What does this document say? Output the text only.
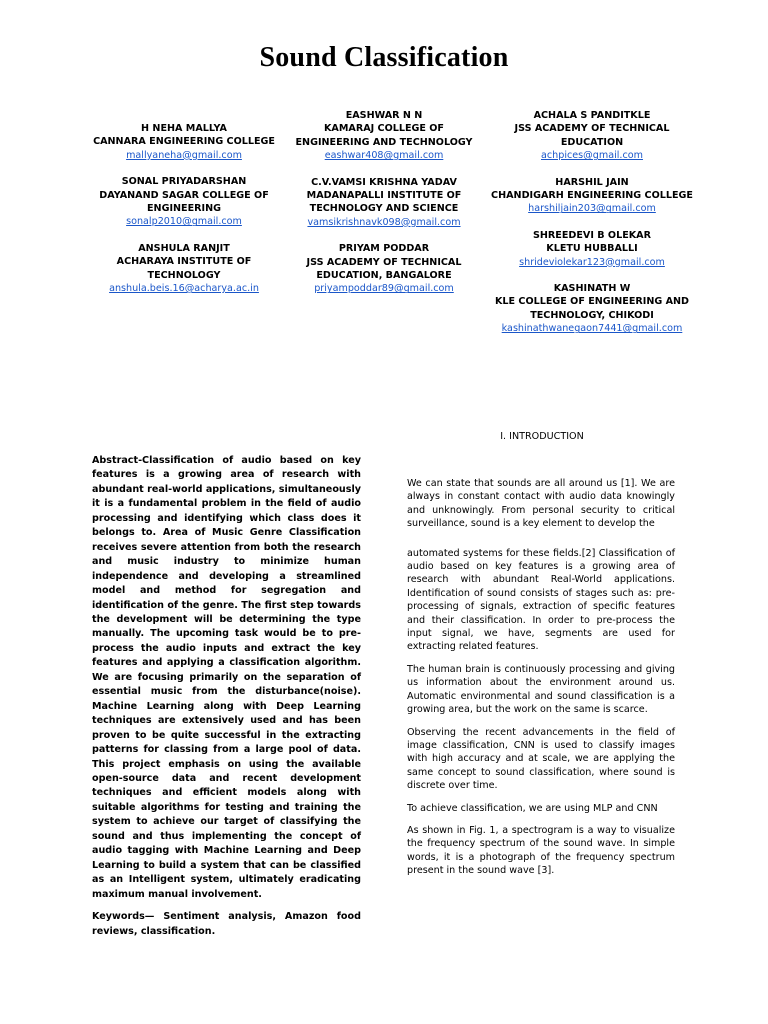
Sound Classification
H NEHA MALLYA
CANNARA ENGINEERING COLLEGE
mallyaneha@gmail.com
SONAL PRIYADARSHAN
DAYANAND SAGAR COLLEGE OF ENGINEERING
sonalp2010@gmail.com
ANSHULA RANJIT
ACHARAYA INSTITUTE OF TECHNOLOGY
anshula.beis.16@acharya.ac.in
EASHWAR N N
KAMARAJ COLLEGE OF ENGINEERING AND TECHNOLOGY
eashwar408@gmail.com
C.V.VAMSI KRISHNA YADAV
MADANAPALLI INSTITUTE OF TECHNOLOGY AND SCIENCE
vamsikrishnavk098@gmail.com
PRIYAM PODDAR
JSS ACADEMY OF TECHNICAL EDUCATION, BANGALORE
priyampoddar89@gmail.com
ACHALA S PANDITKLE
JSS ACADEMY OF TECHNICAL EDUCATION
achpices@gmail.com
HARSHIL JAIN
CHANDIGARH ENGINEERING COLLEGE
harshiljain203@gmail.com
SHREEDEVI B OLEKAR
KLETU HUBBALLI
shrideviolekar123@gmail.com
KASHINATH W
KLE COLLEGE OF ENGINEERING AND TECHNOLOGY, CHIKODI
kashinathwanegaon7441@gmail.com
I. INTRODUCTION

Abstract-Classification of audio based on key features is a growing area of research with abundant real-world applications, simultaneously it is a fundamental problem in the field of audio processing and identifying which class does it belongs to. Area of Music Genre Classification receives severe attention from both the research and music industry to minimize human independence and developing a streamlined model and method for segregation and identification of the genre. The first step towards the development will be determining the type manually. The upcoming task would be to pre-process the audio inputs and extract the key features and applying a classification algorithm. We are focusing primarily on the separation of essential music from the disturbance(noise). Machine Learning along with Deep Learning techniques are extensively used and has been proven to be quite successful in the extracting patterns for classing from a large pool of data. This project emphasis on using the available open-source data and recent development techniques and efficient models along with suitable algorithms for testing and training the system to achieve our target of classifying the sound and thus implementing the concept of audio tagging with Machine Learning and Deep Learning to build a system that can be classified as an Intelligent system, ultimately eradicating maximum manual involvement.

Keywords— Sentiment analysis, Amazon food reviews, classification.

We can state that sounds are all around us [1]. We are always in constant contact with audio data knowingly and unknowingly. From personal security to critical surveillance, sound is a key element to develop the

automated systems for these fields.[2] Classification of audio based on key features is a growing area of research with abundant Real-World applications. Identification of sound consists of stages such as: pre-processing of signals, extraction of specific features and their classification. In order to pre-process the input signal, we have, segments are used for extracting related features.

The human brain is continuously processing and giving us information about the environment around us. Automatic environmental and sound classification is a growing area, but the work on the same is scarce.

Observing the recent advancements in the field of image classification, CNN is used to classify images with high accuracy and at scale, we are applying the same concept to sound classification, where sound is discrete over time.

To achieve classification, we are using MLP and CNN

As shown in Fig. 1, a spectrogram is a way to visualize the frequency spectrum of the sound wave. In simple words, it is a photograph of the frequency spectrum present in the sound wave [3].
